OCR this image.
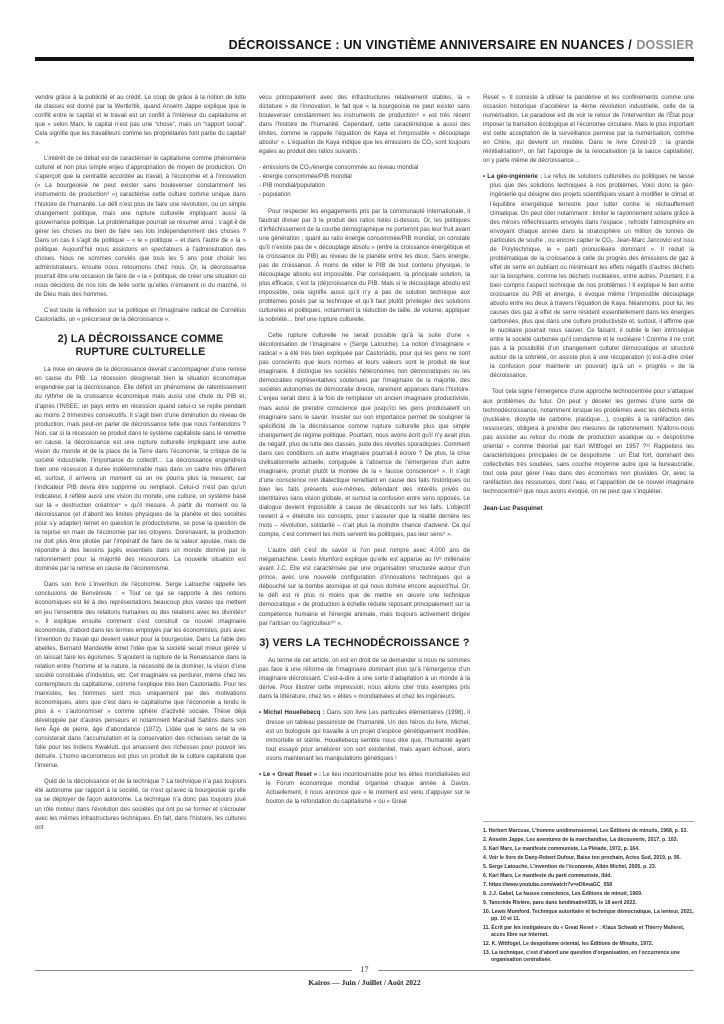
DÉCROISSANCE : UN VINGTIÈME ANNIVERSAIRE EN NUANCES / DOSSIER

vendre grâce à la publicité et au crédit. Le coup de grâce à la notion de lutte de classes est donné par la Wertkritik, quand Anselm Jappe explique que le conflit entre le capital et le travail est un conflit à l’intérieur du capitalisme et que « selon Marx, le capital n’est pas une “chose”, mais un “rapport social”. Cela signifie que les travailleurs comme les propriétaires font partie du capital² ».

L’intérêt de ce débat est de caractériser le capitalisme comme phénomène culturel et non plus simple enjeu d’appropriation de moyen de production. On s’aperçoit que la centralité accordée au travail, à l’économie et à l’innovation (« La bourgeoisie ne peut exister sans bouleverser constamment les instruments de production³ ») caractérise cette culture comme unique dans l’histoire de l’humanité. Le défi n’est plus de faire une révolution, ou un simple changement politique, mais une rupture culturelle impliquant aussi la gouvernance politique. La problématique pourrait se résumer ainsi : s’agit-il de gérer les choses ou bien de faire ses lois indépendamment des choses ? Dans un cas il s’agit de politique – « le » politique – et dans l’autre de « la » politique. Aujourd’hui nous assistons en spectateurs à l’administration des choses. Nous ne sommes conviés que tous les 5 ans pour choisir les administrateurs, ensuite nous retournons chez nous. Or, la décroissance pourrait être une occasion de faire de « la » politique, de créer une situation où nous décidons de nos lois de telle sorte qu’elles n’émanent ni du marché, ni de Dieu mais des hommes.

C’est toute la réflexion sur la politique et l’imaginaire radical de Cornélius Castoriadis, un « précurseur de la décroissance ».

2) LA DÉCROISSANCE COMME RUPTURE CULTURELLE

La mise en œuvre de la décroissance devrait s’accompagner d’une remise en cause du PIB. La récession désignerait bien la situation économique engendrée par la décroissance. Elle définit un phénomène de ralentissement du rythme de la croissance économique mais aussi une chute du PIB et, d’après l’INSEE, un pays entre en récession quand celui-ci se replie pendant au moins 2 trimestres consécutifs. Il s’agit bien d’une diminution du niveau de production, mais peut-on parler de décroissance telle que nous l’entendons ? Non, car si la récession se produit dans le système capitaliste sans le remettre en cause, la décroissance est une rupture culturelle impliquant une autre vision du monde et de la place de la Terre dans l’économie, la critique de la société industrielle, l’importance du collectif… La décroissance engendrera bien une récession à durée indéterminable mais dans un cadre très différent et, surtout, il arrivera un moment où on ne pourra plus la mesurer, car l’indicateur PIB devra être supprimé ou remplacé. Celui-ci n’est pas qu’un indicateur, il reflète aussi une vision du monde, une culture, un système basé sur la « destruction créatrice⁴ » qu’il mesure. À partir du moment où la décroissance (et d’abord les limites physiques de la planète et des sociétés pour s’y adapter) remet en question le productivisme, se pose la question de la reprise en main de l’économie par les citoyens. Dorénavant, la production ne doit plus être pilotée par l’impératif de faire de la valeur ajoutée, mais de répondre à des besoins jugés essentiels dans un monde dominé par le rationnement pour la majorité des ressources. La nouvelle situation est dominée par la remise en cause de l’économisme.

Dans son livre L’invention de l’économie, Serge Latouche rappelle les conclusions de Benvéniste : « Tout ce qui se rapporte à des notions économiques est lié à des représentations beaucoup plus vastes qui mettent en jeu l’ensemble des relations humaines ou des relations avec les divinités⁵ ». Il explique ensuite comment s’est construit ce nouvel imaginaire économiste, d’abord dans les termes employés par les économistes, puis avec l’invention du travail qui devient valeur pour la bourgeoisie. Dans La fable des abeilles, Bernard Mandeville émet l’idée que la société serait mieux gérée si on laissait faire les égoïsmes. S’ajoutent la rupture de la Renaissance dans la relation entre l’homme et la nature, la nécessité de la dominer, la vision d’une société constituée d’individus, etc. Cet imaginaire va perdurer, même chez les contempteurs du capitalisme, comme l’explique très bien Castoriadis. Pour les marxistes, les hommes sont mus uniquement par des motivations économiques, alors que c’est dans le capitalisme que l’économie a tendu le plus à « s’autonomiser » comme sphère d’activité sociale. Thèse déjà développée par d’autres penseurs et notamment Marshall Sahlins dans son livre Âge de pierre, âge d’abondance (1972). L’idée que le sens de la vie consisterait dans l’accumulation et la conservation des richesses serait de la folie pour les Indiens KwakiutL qui amassent des richesses pour pouvoir les détruire. L’homo œconomicus est plus un produit de la culture capitaliste que l’inverse.

Quid de la décroissance et de la technique ? La technique n’a pas toujours été autonome par rapport à la société, ce n’est qu’avec la bourgeoisie qu’elle va se déployer de façon autonome. La technique n’a donc pas toujours joué un rôle moteur dans l’évolution des sociétés qui ont pu se former et s’écrouler avec les mêmes infrastructures techniques. En fait, dans l’histoire, les cultures ont

vécu principalement avec des infrastructures relativement stables, la « dictature » de l’innovation, le fait que « la bourgeoisie ne peut exister sans bouleverser constamment les instruments de production⁶ » est très récent dans l’histoire de l’humanité. Cependant, cette caractéristique a aussi des limites, comme le rappelle l’équation de Kaya et l’impossible « découplage absolu⁷ ». L’équation de Kaya indique que les émissions de CO₂ sont toujours égales au produit des ratios suivants :

- émissions de CO₂/énergie consommée au niveau mondial
- énergie consommée/PIB mondial
- PIB mondial/population
- population

Pour respecter les engagements pris par la communauté internationale, il faudrait diviser par 3 le produit des ratios listés ci-dessus. Or, les politiques d’infléchissement de la courbe démographique ne porteront pas leur fruit avant une génération ; quant au ratio énergie consommée/PIB mondial, on constate qu’il n’existe pas de « découplage absolu » (entre la croissance énergétique et la croissance du PIB) au niveau de la planète entre les deux. Sans énergie, pas de croissance. À moins de vider le PIB de tout contenu physique, le découplage absolu est impossible. Par conséquent, la principale solution, la plus efficace, c’est la (dé)croissance du PIB. Mais si le découplage absolu est impossible, cela signifie aussi qu’il n’y a pas de solution technique aux problèmes posés par la technique et qu’il faut plutôt privilégier des solutions culturelles et politiques, notamment la réduction de taille, de volume, appliquer la sobriété… bref une rupture culturelle.

Cette rupture culturelle ne serait possible qu’à la suite d’une « décolonisation de l’imaginaire » (Serge Latouche). La notion d’imaginaire « radical » a été très bien expliquée par Castoriadis, pour qui les gens ne sont pas conscients que leurs normes et leurs valeurs sont le produit de leur imaginaire. Il distingue les sociétés hétéronomes non démocratiques ou les démocraties représentatives soutenues par l’imaginaire de la majorité, des sociétés autonomes de démocratie directe, rarement apparues dans l’histoire. L’enjeu serait donc à la fois de remplacer un ancien imaginaire productiviste, mais aussi de prendre conscience que jusqu’ici les gens produisaient un imaginaire sans le savoir. Insister sur son importance permet de souligner la spécificité de la décroissance comme rupture culturelle plus que simple changement de régime politique. Pourtant, nous avons écrit qu’il n’y avait plus de négatif, plus de lutte des classes, juste des révoltes sporadiques. Comment dans ces conditions un autre imaginaire pourrait-il éclore ? De plus, la crise civilisationnelle actuelle, conjuguée à l’absence de l’émergence d’un autre imaginaire, produit plutôt la montée de la « fausse conscience⁸ ». Il s’agit d’une conscience non dialectique remettant en cause des faits historiques ou bien les faits présents eux-mêmes, défendant des intérêts privés ou identitaires sans vision globale, et surtout la confusion entre sens opposés. Le dialogue devient impossible à cause de désaccords sur les faits. L’objectif revient à « éteindre les concepts, pour s’assurer que la réalité derrière les mots – révolution, solidarité – n’ait plus la moindre chance d’advenir. Ce qui compte, c’est comment les mots servent les politiques, pas leur sens⁹ ».

L’autre défi c’est de savoir si l’on peut rompre avec 4.000 ans de mégamachine. Lewis Mumford explique qu’elle est apparue au IVᵉ millénaire avant J.C. Elle est caractérisée par une organisation structurée autour d’un prince, avec une nouvelle configuration d’innovations techniques qui a débouché sur la bombe atomique et qui nous domine encore aujourd’hui. Or, le défi est ni plus ni moins que de mettre en œuvre une technique démocratique « de production à échelle réduite reposant principalement sur la compétence humaine et l’énergie animale, mais toujours activement dirigée par l’artisan ou l’agriculteur¹⁰ ».

3) VERS LA TECHNODÉCROISSANCE ?

Au terme de cet article, on est en droit de se demander si nous ne sommes pas face à une réforme de l’imaginaire dominant plus qu’à l’émergence d’un imaginaire décroissant. C’est-à-dire à une sorte d’adaptation à un monde à la dérive. Pour illustrer cette impression, nous allons citer trois exemples pris dans la littérature, chez les « élites » mondialisées et chez les ingénieurs.

• Michel Houellebecq : Dans son livre Les particules élémentaires (1998), il dresse un tableau pessimiste de l’humanité. Un des héros du livre, Michel, est un biologiste qui travaille à un projet d’espèce génétiquement modifiée, immortelle et stérile. Houellebecq semble nous dire que, l’humanité ayant tout essayé pour améliorer son sort existentiel, mais ayant échoué, alors osons maintenant les manipulations génétiques !

• Le « Great Reset » : Le lieu incontournable pour les élites mondialisées est le Forum économique mondial organisé chaque année à Davos. Actuellement, il nous annonce que « le moment est venu d’appuyer sur le bouton de la refondation du capitalisme » ou « Great

Reset ». Il consiste à utiliser la pandémie et les confinements comme une occasion historique d’accélérer la 4ème révolution industrielle, celle de la numérisation. Le paradoxe est de voir le retour de l’intervention de l’État pour imposer la transition écologique et l’économie circulaire. Mais le plus important est cette acceptation de la surveillance permise par la numérisation, comme en Chine, qui devient un modèle. Dans le livre Covid-19 : la grande réinitialisation¹¹, on fait l’apologie de la relocalisation (à la sauce capitaliste), on y parle même de décroissance…

• La géo-ingénierie : Le refus de solutions culturelles ou politiques ne laisse plus que des solutions techniques à nos problèmes. Voici donc la géo-ingénierie qui désigne des projets scientifiques visant à modifier le climat et l’équilibre énergétique terrestre pour lutter contre le réchauffement climatique. On peut citer notamment : limiter le rayonnement solaire grâce à des miroirs réfléchissants envoyés dans l’espace ; refroidir l’atmosphère en envoyant chaque année dans la stratosphère un million de tonnes de particules de soufre ; ou encore capter le CO₂. Jean-Marc Jancovici est issu de Polytechnique, le « parti pronucléaire dominant ». Il réduit la problématique de la croissance à celle du progrès des émissions de gaz à effet de serre en oubliant ou minimisant les effets négatifs d’autres déchets sur la biosphère, comme les déchets nucléaires, entre autres. Pourtant, il a bien compris l’aspect technique de nos problèmes ! Il explique le lien entre croissance du PIB et énergie, il évoque même l’impossible découplage absolu entre les deux à travers l’équation de Kaya. Néanmoins, pour lui, les causes des gaz à effet de serre résident essentiellement dans les énergies carbonées, plus que dans une culture productiviste et, surtout, il affirme que le nucléaire pourrait nous sauver. Ce faisant, il oublie le lien intrinsèque entre la société carbonée qu’il condamne et le nucléaire ! Comme il ne croit pas à la possibilité d’un changement culturel démocratique et structuré autour de la sobriété, on assiste plus à une récupération (c’est-à-dire créer la confusion pour maintenir un pouvoir) qu’à un « progrès » de la décroissance.

Tout cela signe l’émergence d’une approche technocentrée pour s’attaquer aux problèmes du futur. On peut y déceler les germes d’une sorte de technodécroissance, notamment lorsque les problèmes avec les déchets émis (nucléaire, dioxyde de carbone, plastique…), couplés à la raréfaction des ressources, obligera à prendre des mesures de rationnement. N’allons-nous pas assister au retour du mode de production asiatique ou « despotisme oriental » comme théorisé par Karl Wittfogel en 1957 ?¹² Rappelons les caractéristiques principales de ce despotisme : un État fort, dominant des collectivités très soudées, sans couche moyenne autre que la bureaucratie, tout cela pour gérer l’eau dans des économies non pluviales. Or, avec la raréfaction des ressources, dont l’eau, et l’apparition de ce nouvel imaginaire technocentré¹³ que nous avons évoqué, on ne peut que s’inquiéter.

Jean-Luc Pasquinet

1. Herbert Marcuse, L’homme unidimensionnel, Les Éditions de minuits, 1968, p. 53.
2. Anselm Jappe, Les aventures de la marchandise, La découverte, 2017, p. 103.
3. Karl Marx, Le manifeste communiste, La Pléiade, 1972, p. 164.
4. Voir le livre de Dany-Robert Dufour, Baise ton prochain, Actes Sud, 2019, p. 95.
5. Serge Latouche, L’invention de l’économie, Albin Michel, 2005, p. 23.
6. Karl Marx, Le manifeste du parti communiste, Ibid.
7. https://www.youtube.com/watch?v=eD6maGC_058
8. J.J. Gabel, La fausse conscience, Les Éditions de minuit, 1969.
9. Tancrède Rivière, paru dans lundimatin#335, le 18 avril 2022.
10. Lewis Mumford, Technique autoritaire et technique démocratique, La lenteur, 2021, pp. 10 et 11.
11. Écrit par les instigateurs du « Great Reset » : Klaus Schwab et Thierry Malleret, accès libre sur Internet.
12. K. Wittfogel, Le despotisme oriental, les Éditions de Minuits, 1972.
13. La technique, c’est d’abord une question d’organisation, en l’occurrence une organisation centralisée.
17
Kairos — Juin / Juillet / Août 2022
